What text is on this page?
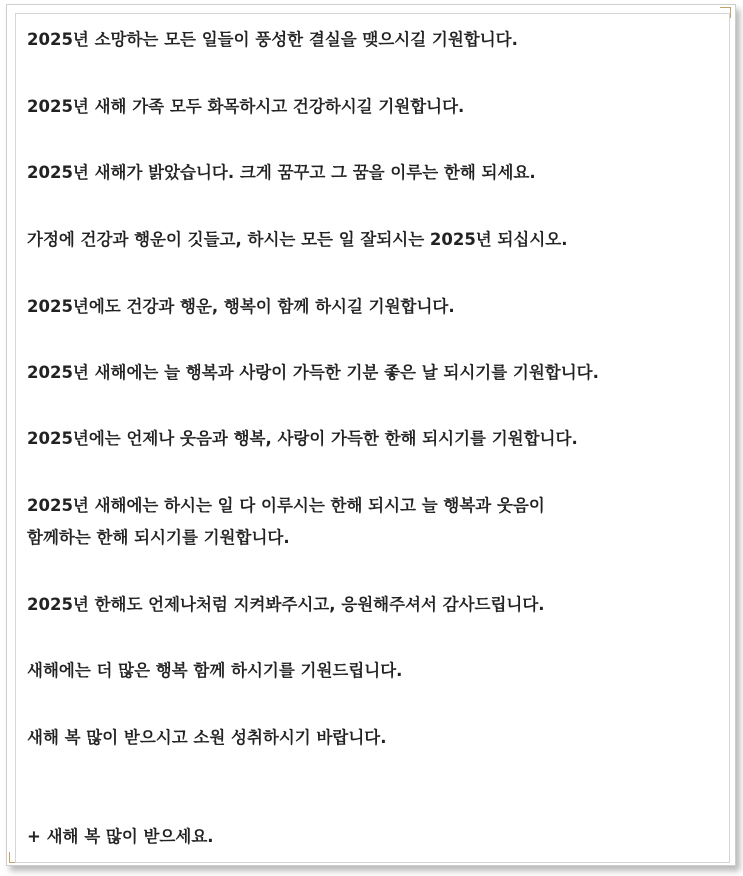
2025년 소망하는 모든 일들이 풍성한 결실을 맺으시길 기원합니다.

2025년 새해 가족 모두 화목하시고 건강하시길 기원합니다.

2025년 새해가 밝았습니다. 크게 꿈꾸고 그 꿈을 이루는 한해 되세요.

가정에 건강과 행운이 깃들고, 하시는 모든 일 잘되시는 2025년 되십시오.

2025년에도 건강과 행운, 행복이 함께 하시길 기원합니다.

2025년 새해에는 늘 행복과 사랑이 가득한 기분 좋은 날 되시기를 기원합니다.

2025년에는 언제나 웃음과 행복, 사랑이 가득한 한해 되시기를 기원합니다.

2025년 새해에는 하시는 일 다 이루시는 한해 되시고 늘 행복과 웃음이

함께하는 한해 되시기를 기원합니다.

2025년 한해도 언제나처럼 지켜봐주시고, 응원해주셔서 감사드립니다.

새해에는 더 많은 행복 함께 하시기를 기원드립니다.

새해 복 많이 받으시고 소원 성취하시기 바랍니다.

+ 새해 복 많이 받으세요.
